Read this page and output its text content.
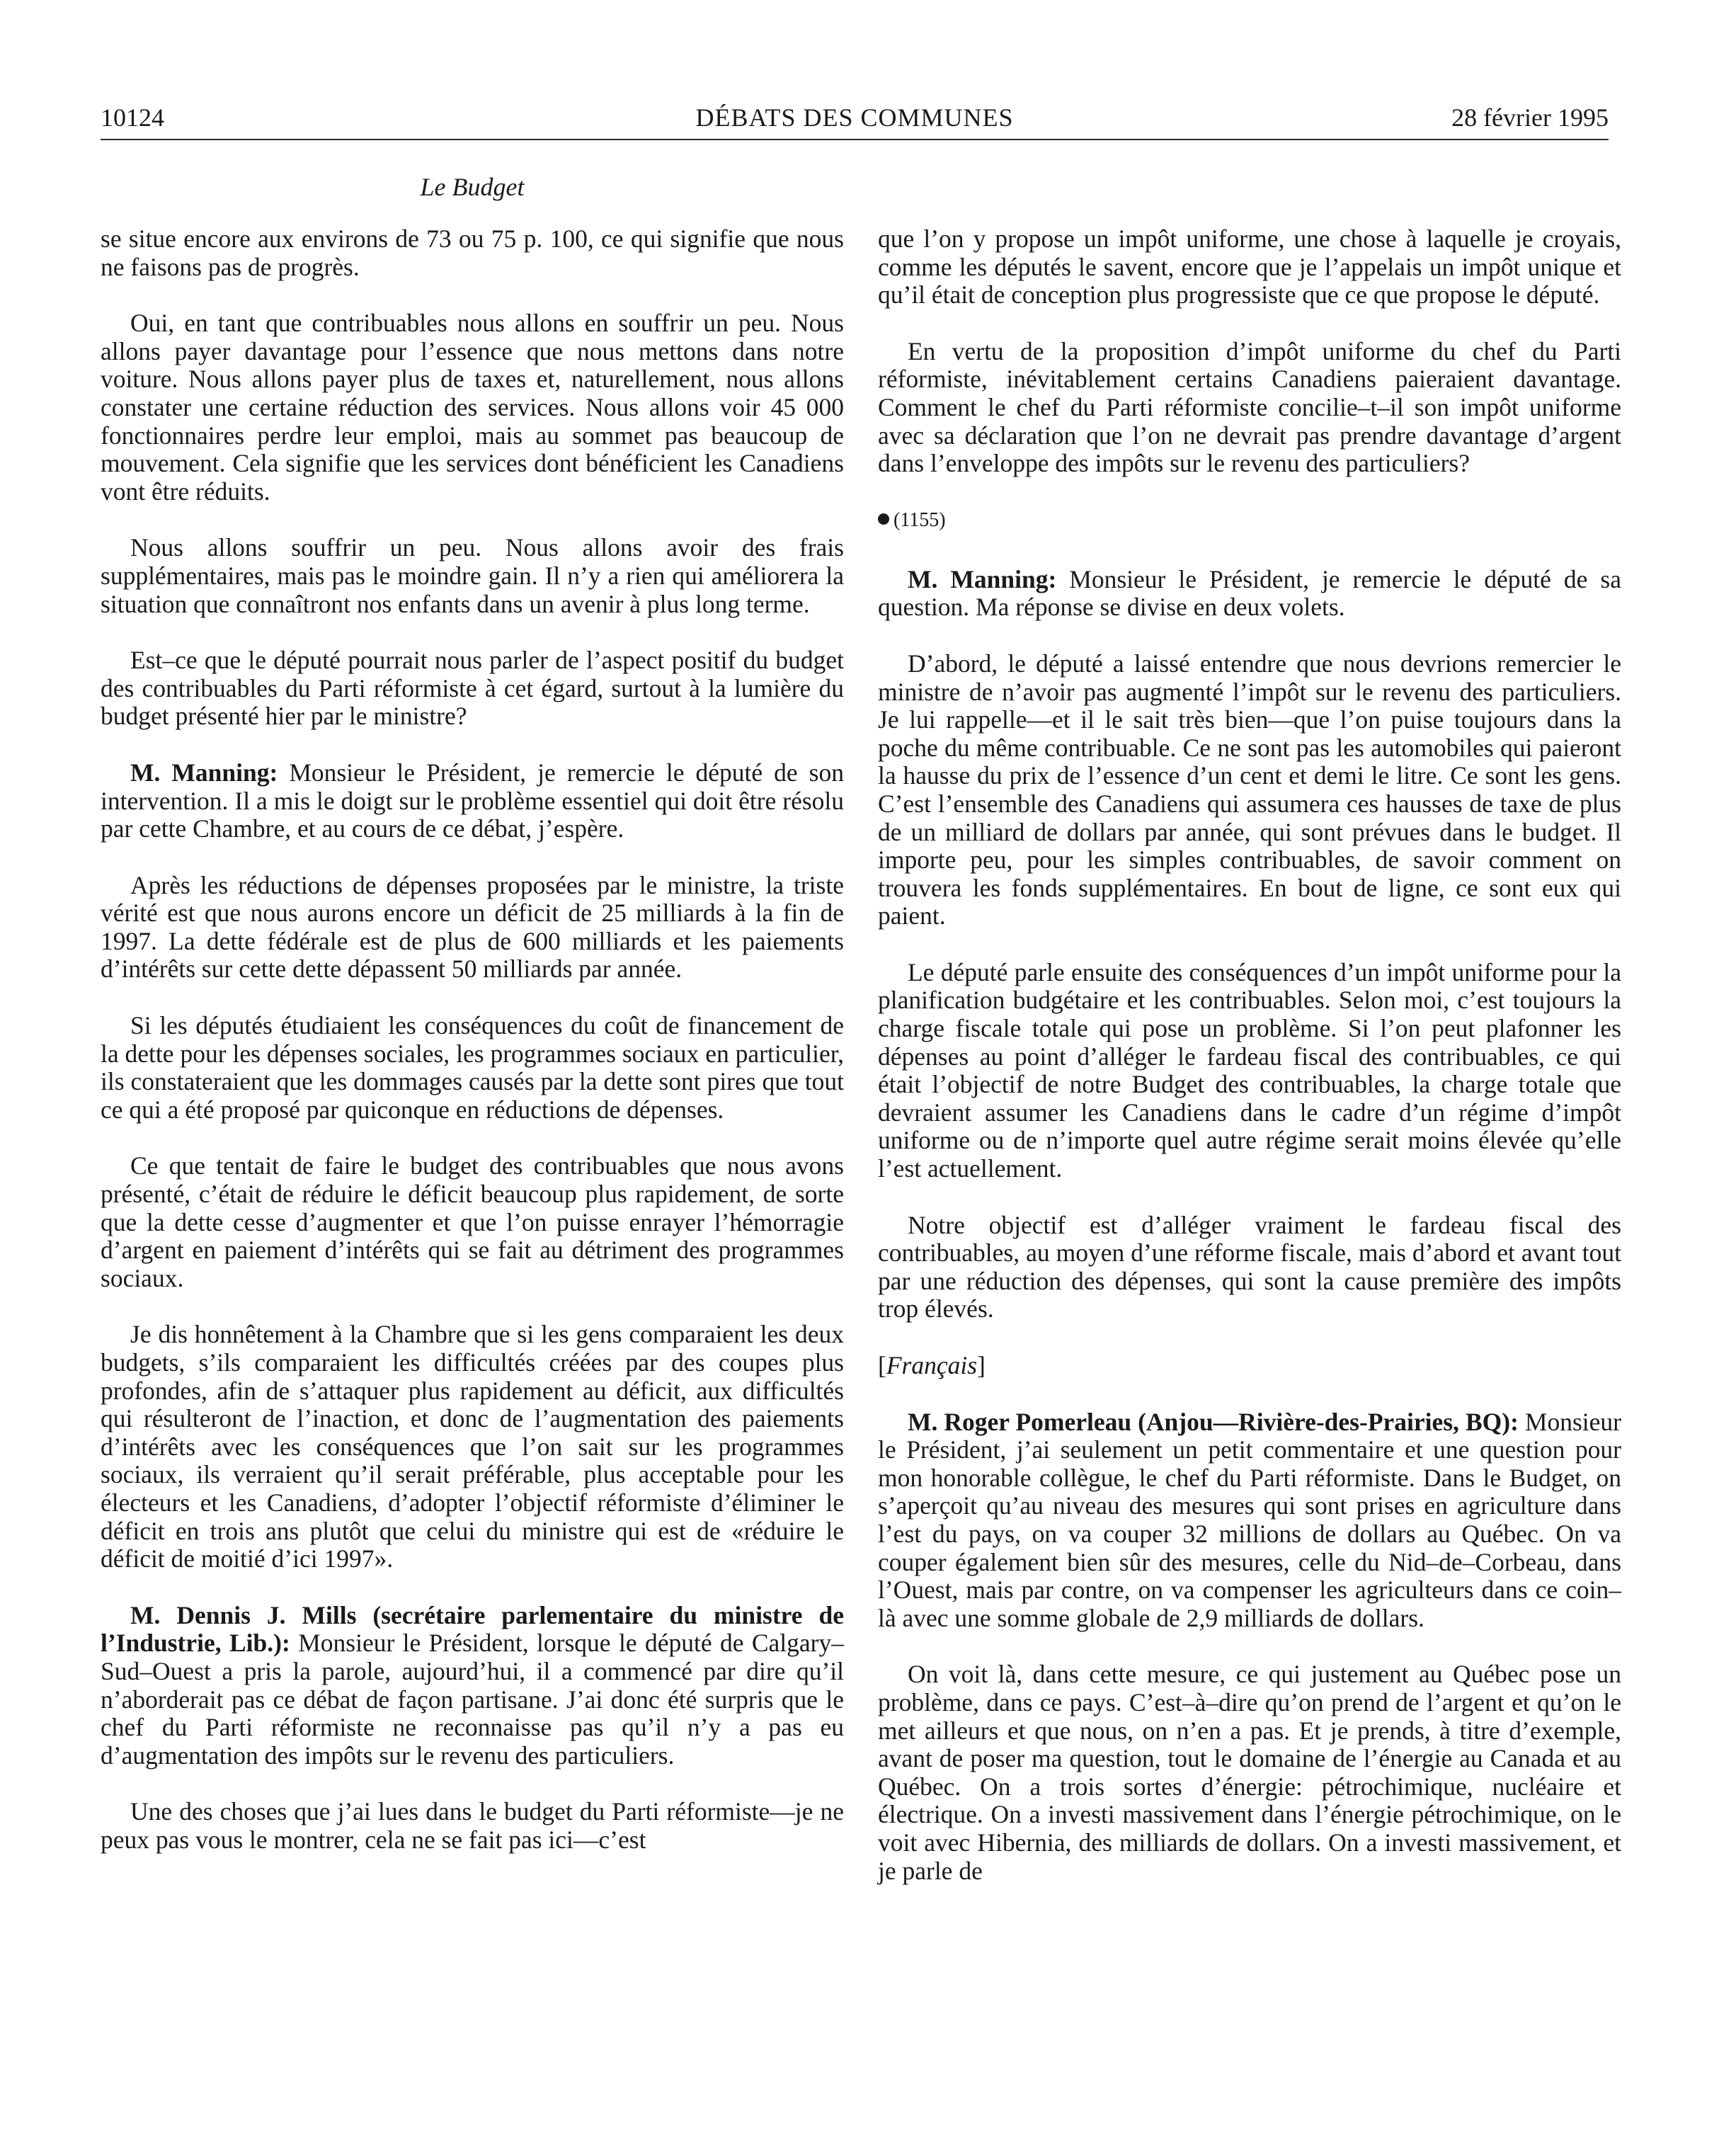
10124	DÉBATS DES COMMUNES	28 février 1995
Le Budget

se situe encore aux environs de 73 ou 75 p. 100, ce qui signifie que nous ne faisons pas de progrès.

Oui, en tant que contribuables nous allons en souffrir un peu. Nous allons payer davantage pour l’essence que nous mettons dans notre voiture. Nous allons payer plus de taxes et, naturellement, nous allons constater une certaine réduction des services. Nous allons voir 45 000 fonctionnaires perdre leur emploi, mais au sommet pas beaucoup de mouvement. Cela signifie que les services dont bénéficient les Canadiens vont être réduits.

Nous allons souffrir un peu. Nous allons avoir des frais supplémentaires, mais pas le moindre gain. Il n’y a rien qui améliorera la situation que connaîtront nos enfants dans un avenir à plus long terme.

Est–ce que le député pourrait nous parler de l’aspect positif du budget des contribuables du Parti réformiste à cet égard, surtout à la lumière du budget présenté hier par le ministre?

M. Manning: Monsieur le Président, je remercie le député de son intervention. Il a mis le doigt sur le problème essentiel qui doit être résolu par cette Chambre, et au cours de ce débat, j’espère.

Après les réductions de dépenses proposées par le ministre, la triste vérité est que nous aurons encore un déficit de 25 milliards à la fin de 1997. La dette fédérale est de plus de 600 milliards et les paiements d’intérêts sur cette dette dépassent 50 milliards par année.

Si les députés étudiaient les conséquences du coût de financement de la dette pour les dépenses sociales, les programmes sociaux en particulier, ils constateraient que les dommages causés par la dette sont pires que tout ce qui a été proposé par quiconque en réductions de dépenses.

Ce que tentait de faire le budget des contribuables que nous avons présenté, c’était de réduire le déficit beaucoup plus rapidement, de sorte que la dette cesse d’augmenter et que l’on puisse enrayer l’hémorragie d’argent en paiement d’intérêts qui se fait au détriment des programmes sociaux.

Je dis honnêtement à la Chambre que si les gens comparaient les deux budgets, s’ils comparaient les difficultés créées par des coupes plus profondes, afin de s’attaquer plus rapidement au déficit, aux difficultés qui résulteront de l’inaction, et donc de l’augmentation des paiements d’intérêts avec les conséquences que l’on sait sur les programmes sociaux, ils verraient qu’il serait préférable, plus acceptable pour les électeurs et les Canadiens, d’adopter l’objectif réformiste d’éliminer le déficit en trois ans plutôt que celui du ministre qui est de «réduire le déficit de moitié d’ici 1997».

M. Dennis J. Mills (secrétaire parlementaire du ministre de l’Industrie, Lib.): Monsieur le Président, lorsque le député de Calgary–Sud–Ouest a pris la parole, aujourd’hui, il a commencé par dire qu’il n’aborderait pas ce débat de façon partisane. J’ai donc été surpris que le chef du Parti réformiste ne reconnaisse pas qu’il n’y a pas eu d’augmentation des impôts sur le revenu des particuliers.

Une des choses que j’ai lues dans le budget du Parti réformiste—je ne peux pas vous le montrer, cela ne se fait pas ici—c’est

que l’on y propose un impôt uniforme, une chose à laquelle je croyais, comme les députés le savent, encore que je l’appelais un impôt unique et qu’il était de conception plus progressiste que ce que propose le député.

En vertu de la proposition d’impôt uniforme du chef du Parti réformiste, inévitablement certains Canadiens paieraient davantage. Comment le chef du Parti réformiste concilie–t–il son impôt uniforme avec sa déclaration que l’on ne devrait pas prendre davantage d’argent dans l’enveloppe des impôts sur le revenu des particuliers?

(1155)

M. Manning: Monsieur le Président, je remercie le député de sa question. Ma réponse se divise en deux volets.

D’abord, le député a laissé entendre que nous devrions remercier le ministre de n’avoir pas augmenté l’impôt sur le revenu des particuliers. Je lui rappelle—et il le sait très bien—que l’on puise toujours dans la poche du même contribuable. Ce ne sont pas les automobiles qui paieront la hausse du prix de l’essence d’un cent et demi le litre. Ce sont les gens. C’est l’ensemble des Canadiens qui assumera ces hausses de taxe de plus de un milliard de dollars par année, qui sont prévues dans le budget. Il importe peu, pour les simples contribuables, de savoir comment on trouvera les fonds supplémentaires. En bout de ligne, ce sont eux qui paient.

Le député parle ensuite des conséquences d’un impôt uniforme pour la planification budgétaire et les contribuables. Selon moi, c’est toujours la charge fiscale totale qui pose un problème. Si l’on peut plafonner les dépenses au point d’alléger le fardeau fiscal des contribuables, ce qui était l’objectif de notre Budget des contribuables, la charge totale que devraient assumer les Canadiens dans le cadre d’un régime d’impôt uniforme ou de n’importe quel autre régime serait moins élevée qu’elle l’est actuellement.

Notre objectif est d’alléger vraiment le fardeau fiscal des contribuables, au moyen d’une réforme fiscale, mais d’abord et avant tout par une réduction des dépenses, qui sont la cause première des impôts trop élevés.

[Français]

M. Roger Pomerleau (Anjou—Rivière-des-Prairies, BQ): Monsieur le Président, j’ai seulement un petit commentaire et une question pour mon honorable collègue, le chef du Parti réformiste. Dans le Budget, on s’aperçoit qu’au niveau des mesures qui sont prises en agriculture dans l’est du pays, on va couper 32 millions de dollars au Québec. On va couper également bien sûr des mesures, celle du Nid–de–Corbeau, dans l’Ouest, mais par contre, on va compenser les agriculteurs dans ce coin–là avec une somme globale de 2,9 milliards de dollars.

On voit là, dans cette mesure, ce qui justement au Québec pose un problème, dans ce pays. C’est–à–dire qu’on prend de l’argent et qu’on le met ailleurs et que nous, on n’en a pas. Et je prends, à titre d’exemple, avant de poser ma question, tout le domaine de l’énergie au Canada et au Québec. On a trois sortes d’énergie: pétrochimique, nucléaire et électrique. On a investi massivement dans l’énergie pétrochimique, on le voit avec Hibernia, des milliards de dollars. On a investi massivement, et je parle de
